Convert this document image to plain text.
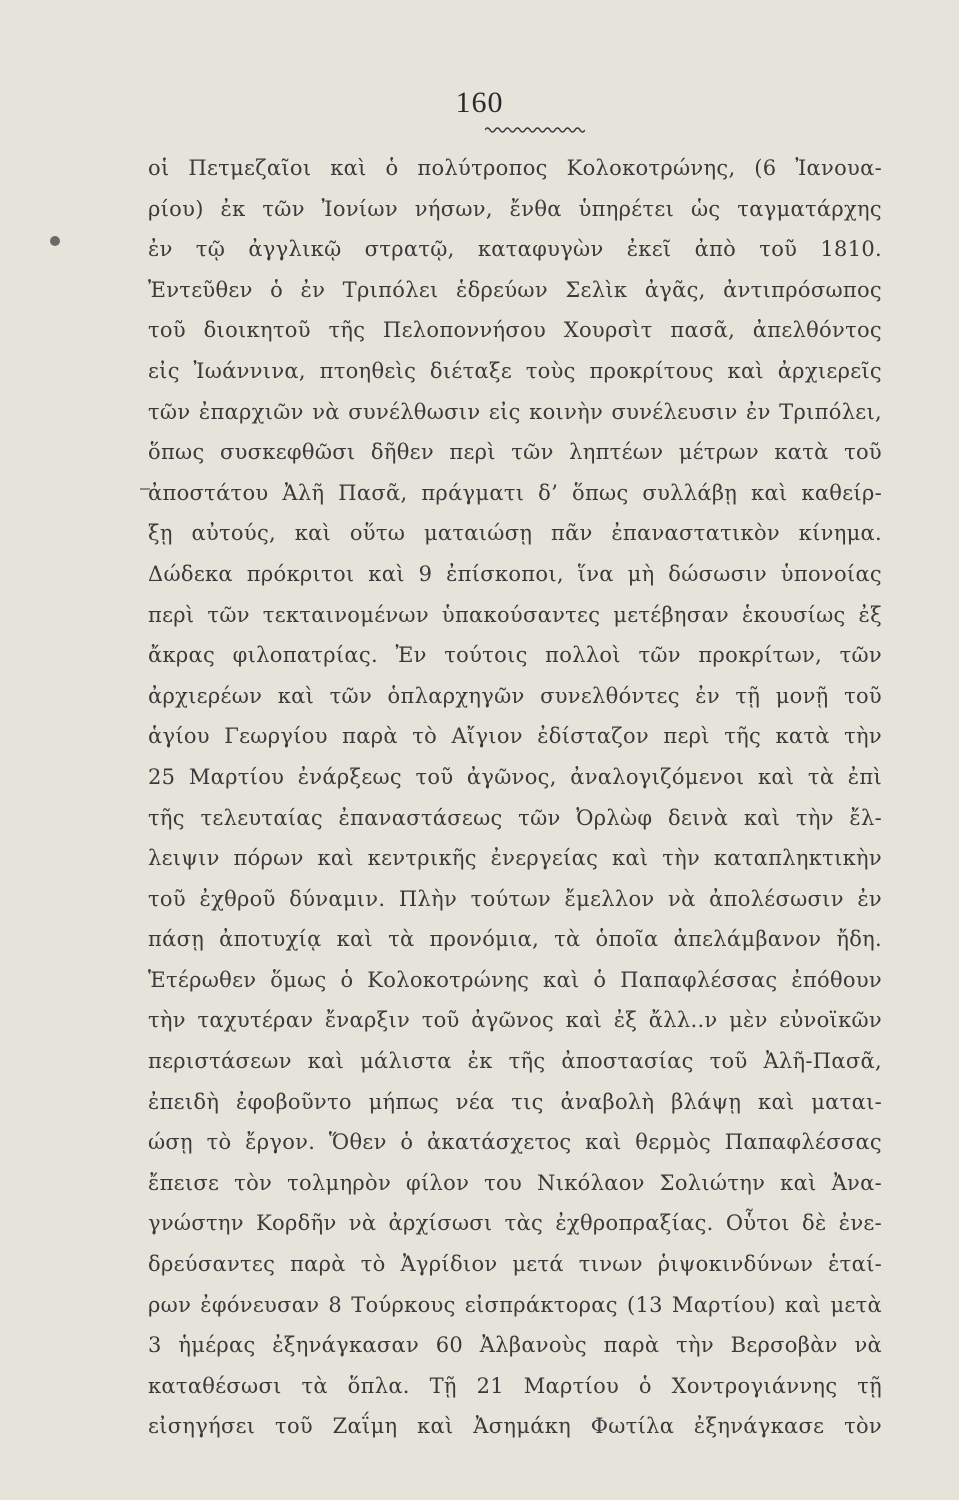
160
οἱ Πετμεζαῖοι καὶ ὁ πολύτροπος Κολοκοτρώνης, (6 Ἰανουα-
ρίου) ἐκ τῶν Ἰονίων νήσων, ἔνθα ὑπηρέτει ὡς ταγματάρχης
ἐν τῷ ἀγγλικῷ στρατῷ, καταφυγὼν ἐκεῖ ἀπὸ τοῦ 1810.
Ἐντεῦθεν ὁ ἐν Τριπόλει ἑδρεύων Σελὶκ ἀγᾶς, ἀντιπρόσωπος
τοῦ διοικητοῦ τῆς Πελοποννήσου Χουρσὶτ πασᾶ, ἀπελθόντος
εἰς Ἰωάννινα, πτοηθεὶς διέταξε τοὺς προκρίτους καὶ ἀρχιερεῖς
τῶν ἐπαρχιῶν νὰ συνέλθωσιν εἰς κοινὴν συνέλευσιν ἐν Τριπόλει,
ὅπως συσκεφθῶσι δῆθεν περὶ τῶν ληπτέων μέτρων κατὰ τοῦ
ἀποστάτου Ἀλῆ Πασᾶ, πράγματι δ’ ὅπως συλλάβῃ καὶ καθείρ-
ξῃ αὐτούς, καὶ οὕτω ματαιώσῃ πᾶν ἐπαναστατικὸν κίνημα.
Δώδεκα πρόκριτοι καὶ 9 ἐπίσκοποι, ἵνα μὴ δώσωσιν ὑπονοίας
περὶ τῶν τεκταινομένων ὑπακούσαντες μετέβησαν ἑκουσίως ἐξ
ἄκρας φιλοπατρίας. Ἐν τούτοις πολλοὶ τῶν προκρίτων, τῶν
ἀρχιερέων καὶ τῶν ὁπλαρχηγῶν συνελθόντες ἐν τῇ μονῇ τοῦ
ἁγίου Γεωργίου παρὰ τὸ Αἴγιον ἐδίσταζον περὶ τῆς κατὰ τὴν
25 Μαρτίου ἐνάρξεως τοῦ ἀγῶνος, ἀναλογιζόμενοι καὶ τὰ ἐπὶ
τῆς τελευταίας ἐπαναστάσεως τῶν Ὀρλὼφ δεινὰ καὶ τὴν ἔλ-
λειψιν πόρων καὶ κεντρικῆς ἐνεργείας καὶ τὴν καταπληκτικὴν
τοῦ ἐχθροῦ δύναμιν. Πλὴν τούτων ἔμελλον νὰ ἀπολέσωσιν ἐν
πάσῃ ἀποτυχίᾳ καὶ τὰ προνόμια, τὰ ὁποῖα ἀπελάμβανον ἤδη.
Ἑτέρωθεν ὅμως ὁ Κολοκοτρώνης καὶ ὁ Παπαφλέσσας ἐπόθουν
τὴν ταχυτέραν ἔναρξιν τοῦ ἀγῶνος καὶ ἐξ ἄλλ..ν μὲν εὐνοϊκῶν
περιστάσεων καὶ μάλιστα ἐκ τῆς ἀποστασίας τοῦ Ἀλῆ-Πασᾶ,
ἐπειδὴ ἐφοβοῦντο μήπως νέα τις ἀναβολὴ βλάψῃ καὶ μαται-
ώσῃ τὸ ἔργον. Ὅθεν ὁ ἀκατάσχετος καὶ θερμὸς Παπαφλέσσας
ἔπεισε τὸν τολμηρὸν φίλον του Νικόλαον Σολιώτην καὶ Ἀνα-
γνώστην Κορδῆν νὰ ἀρχίσωσι τὰς ἐχθροπραξίας. Οὗτοι δὲ ἐνε-
δρεύσαντες παρὰ τὸ Ἀγρίδιον μετά τινων ῥιψοκινδύνων ἑταί-
ρων ἐφόνευσαν 8 Τούρκους εἰσπράκτορας (13 Μαρτίου) καὶ μετὰ
3 ἡμέρας ἐξηνάγκασαν 60 Ἀλβανοὺς παρὰ τὴν Βερσοβὰν νὰ
καταθέσωσι τὰ ὅπλα. Τῇ 21 Μαρτίου ὁ Χοντρογιάννης τῇ
εἰσηγήσει τοῦ Ζαΐμη καὶ Ἀσημάκη Φωτίλα ἐξηνάγκασε τὸν
